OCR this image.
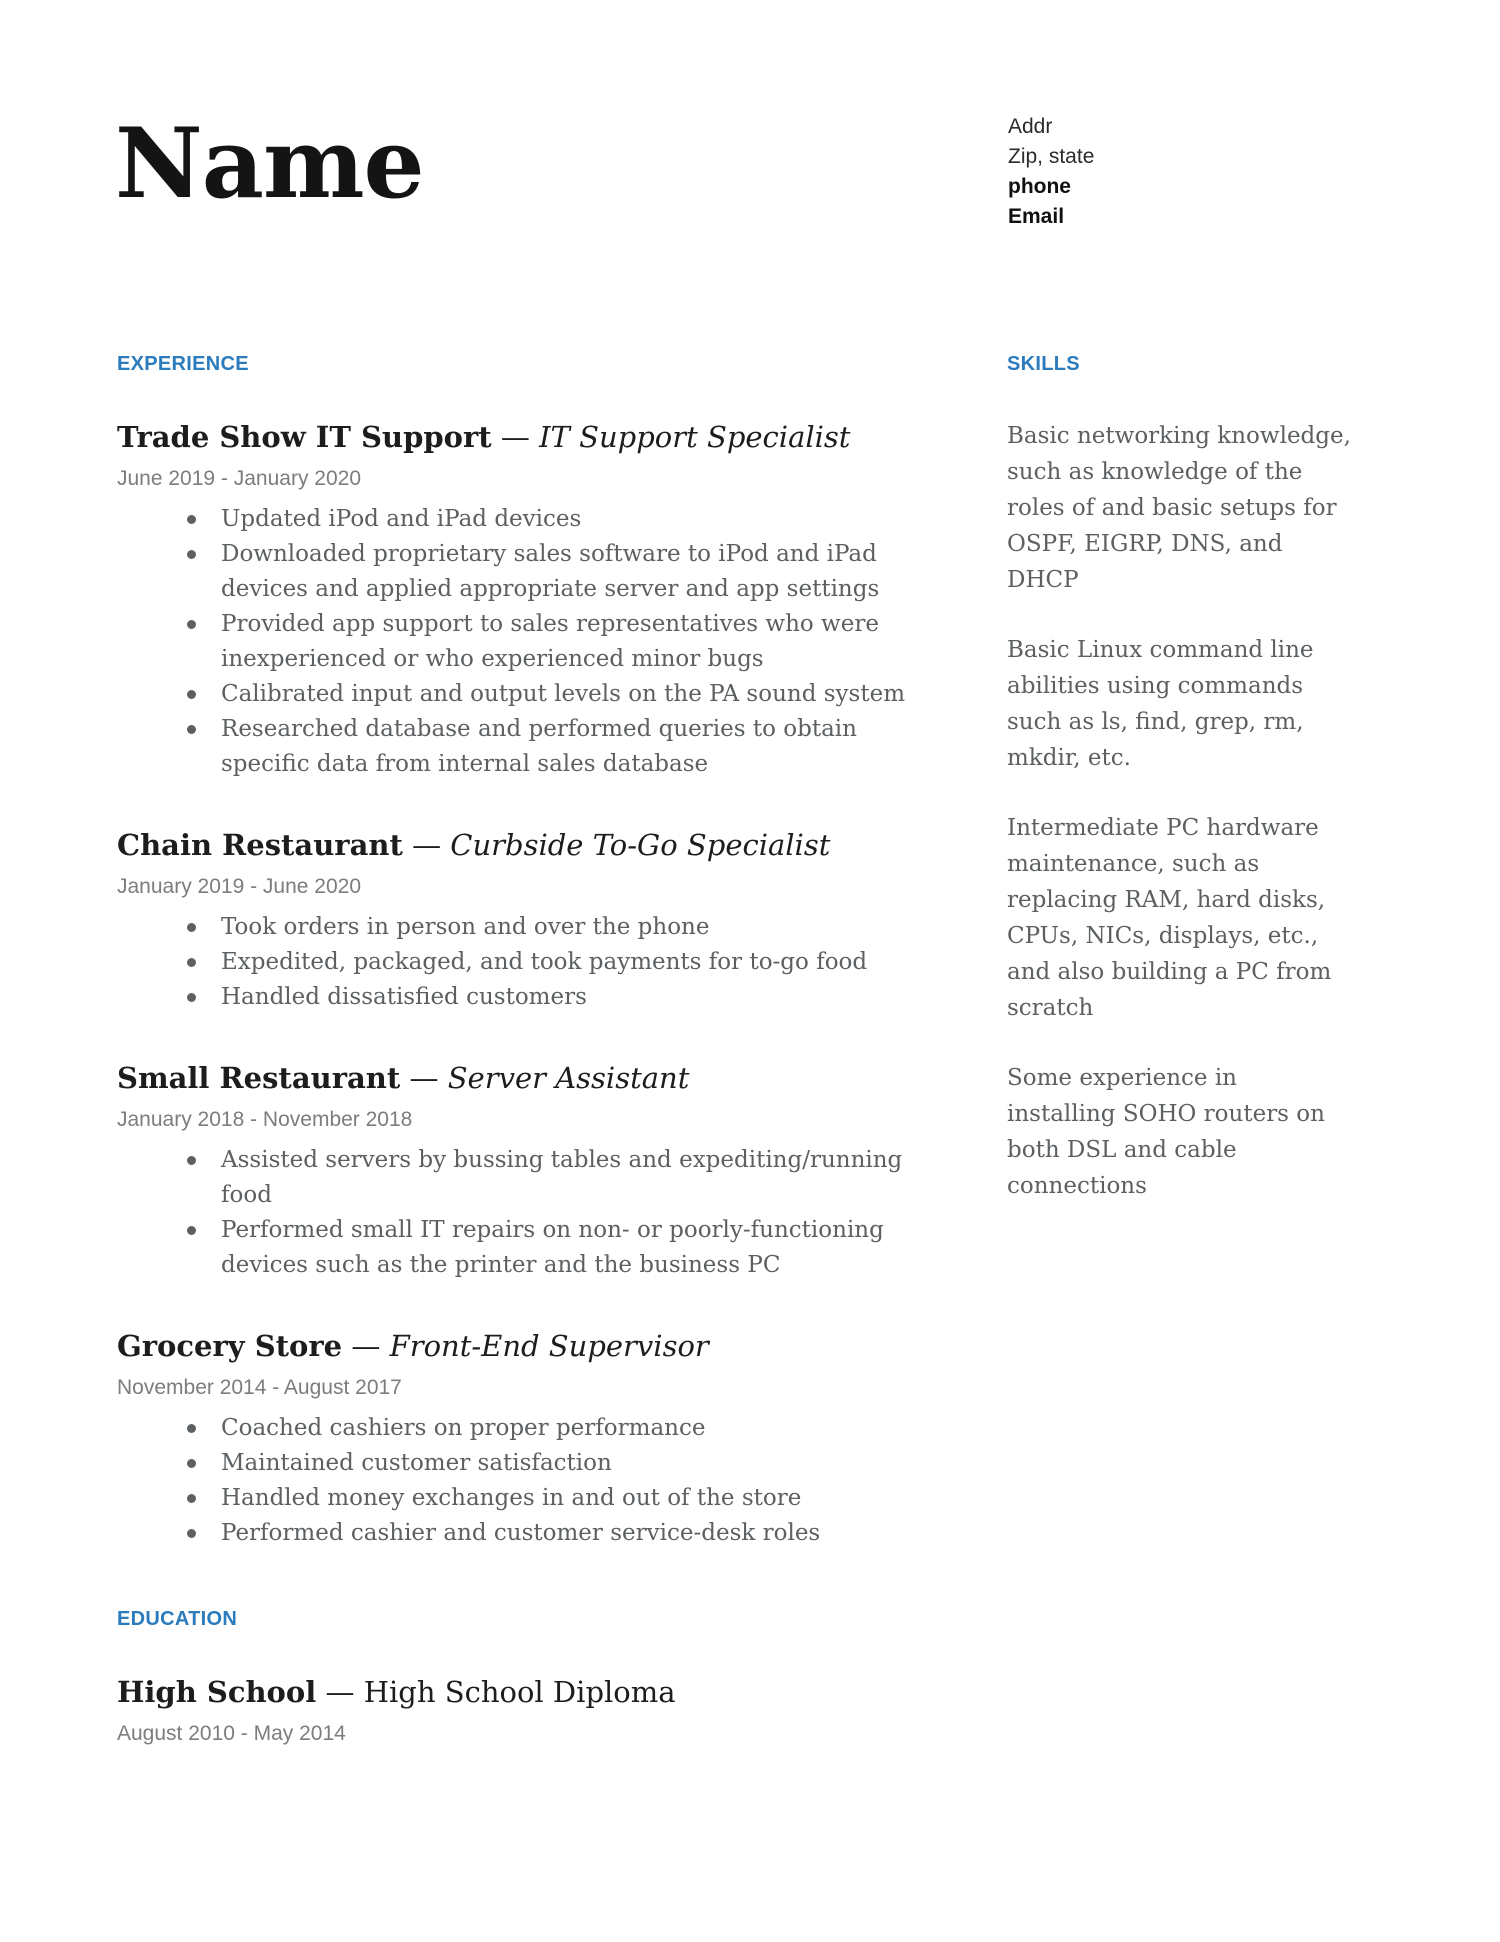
Name	Addr
Zip, state
phone
Email
EXPERIENCE
Trade Show IT Support — IT Support Specialist
June 2019 - January 2020
Updated iPod and iPad devices
Downloaded proprietary sales software to iPod and iPad devices and applied appropriate server and app settings
Provided app support to sales representatives who were inexperienced or who experienced minor bugs
Calibrated input and output levels on the PA sound system
Researched database and performed queries to obtain specific data from internal sales database
Chain Restaurant — Curbside To-Go Specialist
January 2019 - June 2020
Took orders in person and over the phone
Expedited, packaged, and took payments for to-go food
Handled dissatisfied customers
Small Restaurant — Server Assistant
January 2018 - November 2018
Assisted servers by bussing tables and expediting/running food
Performed small IT repairs on non- or poorly-functioning devices such as the printer and the business PC
Grocery Store — Front-End Supervisor
November 2014 - August 2017
Coached cashiers on proper performance
Maintained customer satisfaction
Handled money exchanges in and out of the store
Performed cashier and customer service-desk roles
EDUCATION
High School — High School Diploma
August 2010 - May 2014
SKILLS

Basic networking knowledge, such as knowledge of the roles of and basic setups for OSPF, EIGRP, DNS, and DHCP

Basic Linux command line abilities using commands such as ls, find, grep, rm, mkdir, etc.

Intermediate PC hardware maintenance, such as replacing RAM, hard disks, CPUs, NICs, displays, etc., and also building a PC from scratch

Some experience in installing SOHO routers on both DSL and cable connections
